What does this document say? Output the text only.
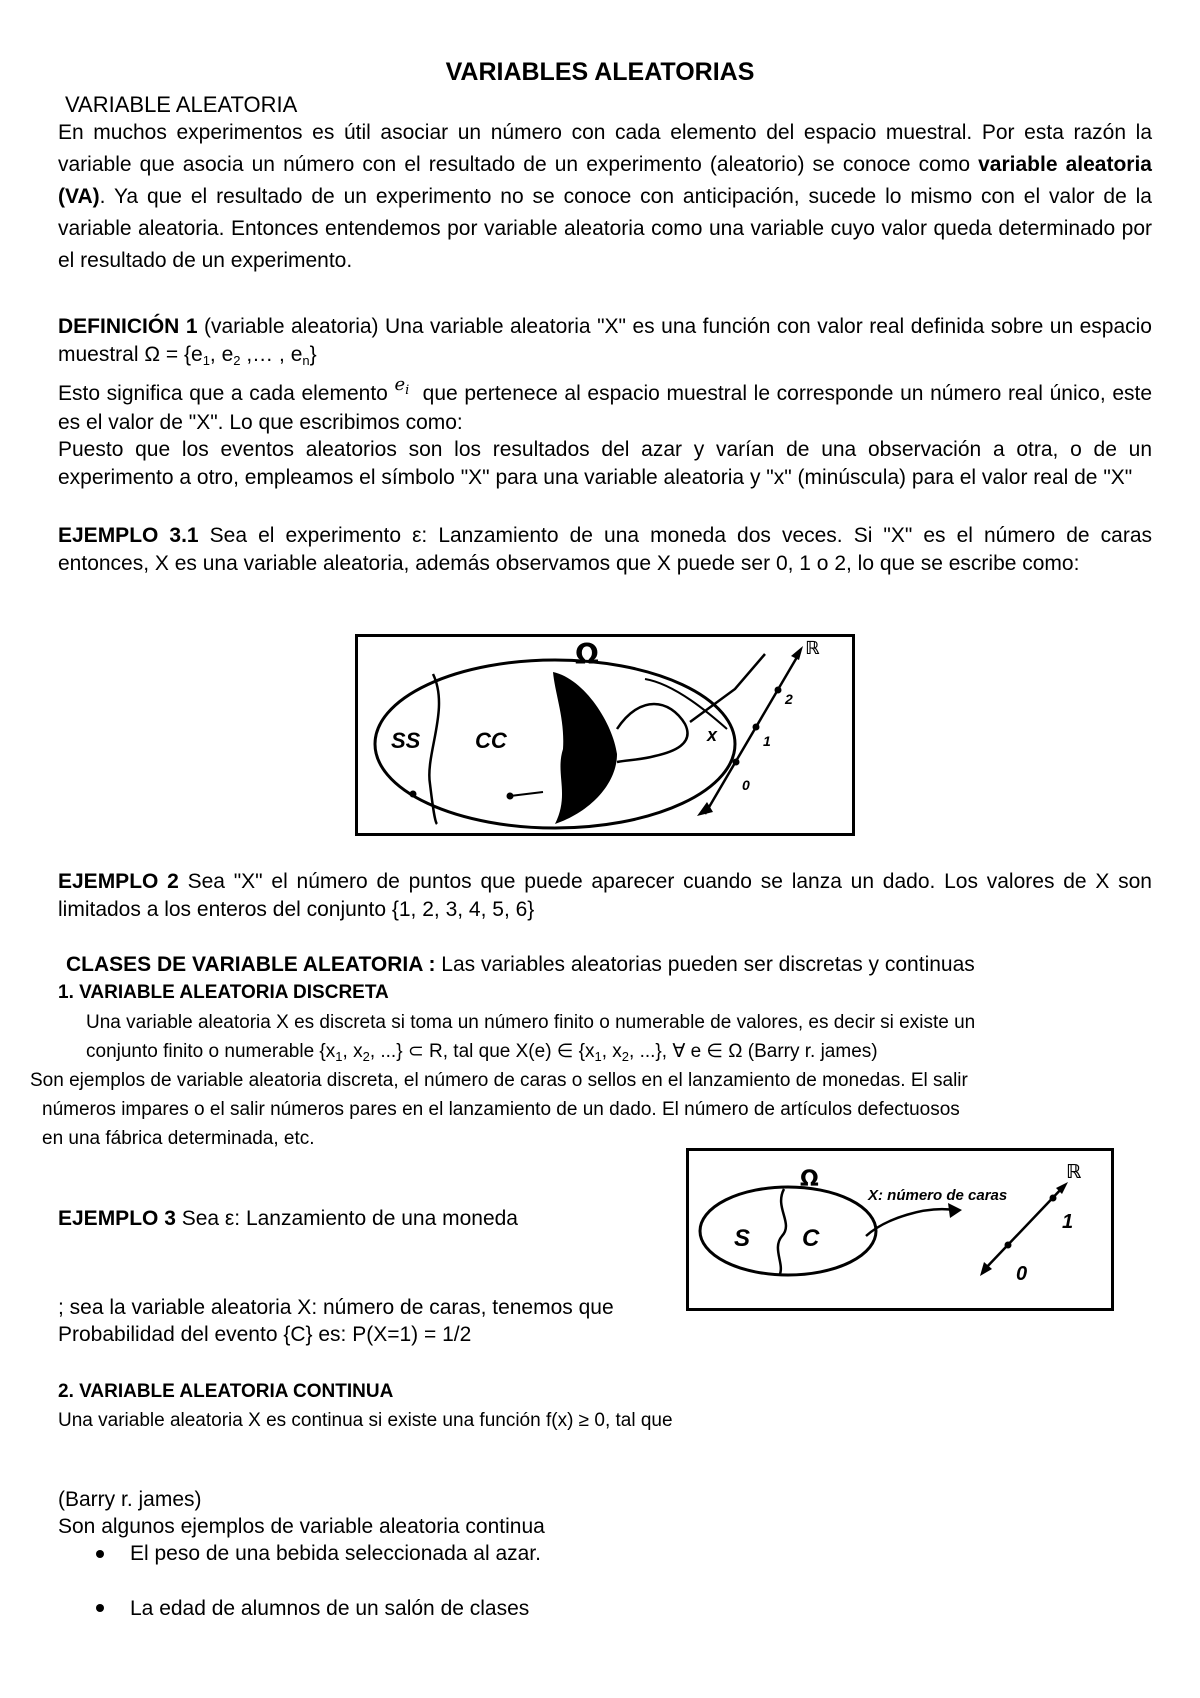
VARIABLES ALEATORIAS
VARIABLE ALEATORIA
En muchos experimentos es útil asociar un número con cada elemento del espacio muestral. Por esta razón la variable que asocia un número con el resultado de un experimento (aleatorio) se conoce como variable aleatoria (VA). Ya que el resultado de un experimento no se conoce con anticipación, sucede lo mismo con el valor de la variable aleatoria. Entonces entendemos por variable aleatoria como una variable cuyo valor queda determinado por el resultado de un experimento.
DEFINICIÓN 1 (variable aleatoria) Una variable aleatoria "X" es una función con valor real definida sobre un espacio muestral $\Omega = \{e_1$, $e_2$ ,… , $e_n$}
Esto significa que a cada elemento $e_i$ que pertenece al espacio muestral le corresponde un número real único, este es el valor de "X". Lo que escribimos como:
Puesto que los eventos aleatorios son los resultados del azar y varían de una observación a otra, o de un experimento a otro, empleamos el símbolo "X" para una variable aleatoria y "x" (minúscula) para el valor real de "X"
EJEMPLO 3.1 Sea el experimento ε: Lanzamiento de una moneda dos veces. Si "X" es el número de caras entonces, X es una variable aleatoria, además observamos que X puede ser 0, 1 o 2, lo que se escribe como:
SS CC
Ω
x
ℝ
2
1
0
EJEMPLO 2 Sea "X" el número de puntos que puede aparecer cuando se lanza un dado. Los valores de X son limitados a los enteros del conjunto {1, 2, 3, 4, 5, 6}
CLASES DE VARIABLE ALEATORIA : Las variables aleatorias pueden ser discretas y continuas
1. VARIABLE ALEATORIA DISCRETA
Una variable aleatoria X es discreta si toma un número finito o numerable de valores, es decir si existe un
conjunto finito o numerable {$x_1$, $x_2$, ...} ⊂ R, tal que X(e) ∈ {$x_1$, $x_2$, ...}, ∀ e ∈ Ω (Barry r. james)
Son ejemplos de variable aleatoria discreta, el número de caras o sellos en el lanzamiento de monedas. El salir
números impares o el salir números pares en el lanzamiento de un dado. El número de artículos defectuosos
en una fábrica determinada, etc.
EJEMPLO 3 Sea ε: Lanzamiento de una moneda
; sea la variable aleatoria X: número de caras, tenemos que
S C
Ω
X: número de caras
ℝ
1
0
Probabilidad del evento {C} es: P(X=1) = 1/2
2. VARIABLE ALEATORIA CONTINUA
Una variable aleatoria X es continua si existe una función f(x) ≥ 0, tal que
(Barry r. james)
Son algunos ejemplos de variable aleatoria continua
El peso de una bebida seleccionada al azar.
La edad de alumnos de un salón de clases
